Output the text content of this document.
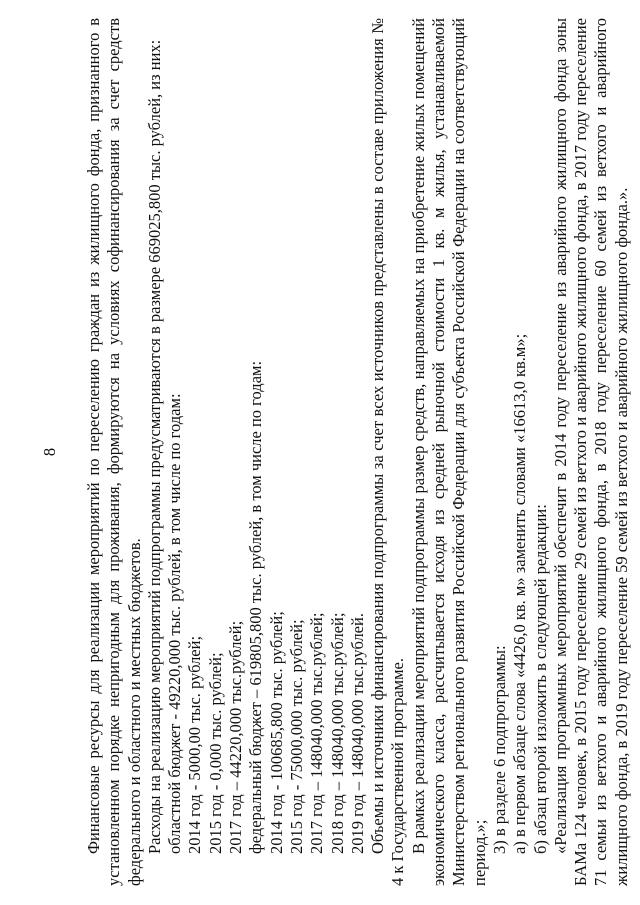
8 Финансовые ресурсы для реализации мероприятий по переселению граждан из жилищного фонда, признанного в установленном порядке непригодным для проживания, формируются на условиях софинансирования за счет средств федерального и областного и местных бюджетов. Расходы на реализацию мероприятий подпрограммы предусматриваются в размере 669025,800 тыс. рублей, из них: областной бюджет - 49220,000 тыс. рублей, в том числе по годам: 2014 год - 5000,00 тыс. рублей; 2015 год - 0,000 тыс. рублей; 2017 год – 44220,000 тыс.рублей; федеральный бюджет – 619805,800 тыс. рублей, в том числе по годам: 2014 год - 100685,800 тыс. рублей; 2015 год - 75000,000 тыс. рублей; 2017 год – 148040,000 тыс.рублей; 2018 год – 148040,000 тыс.рублей; 2019 год – 148040,000 тыс.рублей. Объемы и источники финансирования подпрограммы за счет всех источников представлены в составе приложения № 4 к Государственной программе. В рамках реализации мероприятий подпрограммы размер средств, направляемых на приобретение жилых помещений экономического класса, рассчитывается исходя из средней рыночной стоимости 1 кв. м жилья, устанавливаемой Министерством регионального развития Российской Федерации для субъекта Российской Федерации на соответствующий период.»; 3) в разделе 6 подпрограммы: а) в первом абзаце слова «4426,0 кв. м» заменить словами «16613,0 кв.м»; б) абзац второй изложить в следующей редакции: «Реализация программных мероприятий обеспечит в 2014 году переселение из аварийного жилищного фонда зоны БАМа 124 человек, в 2015 году переселение 29 семей из ветхого и аварийного жилищного фонда, в 2017 году переселение 71 семьи из ветхого и аварийного жилищного фонда, в 2018 году переселение 60 семей из ветхого и аварийного жилищного фонда, в 2019 году переселение 59 семей из ветхого и аварийного жилищного фонда.».
